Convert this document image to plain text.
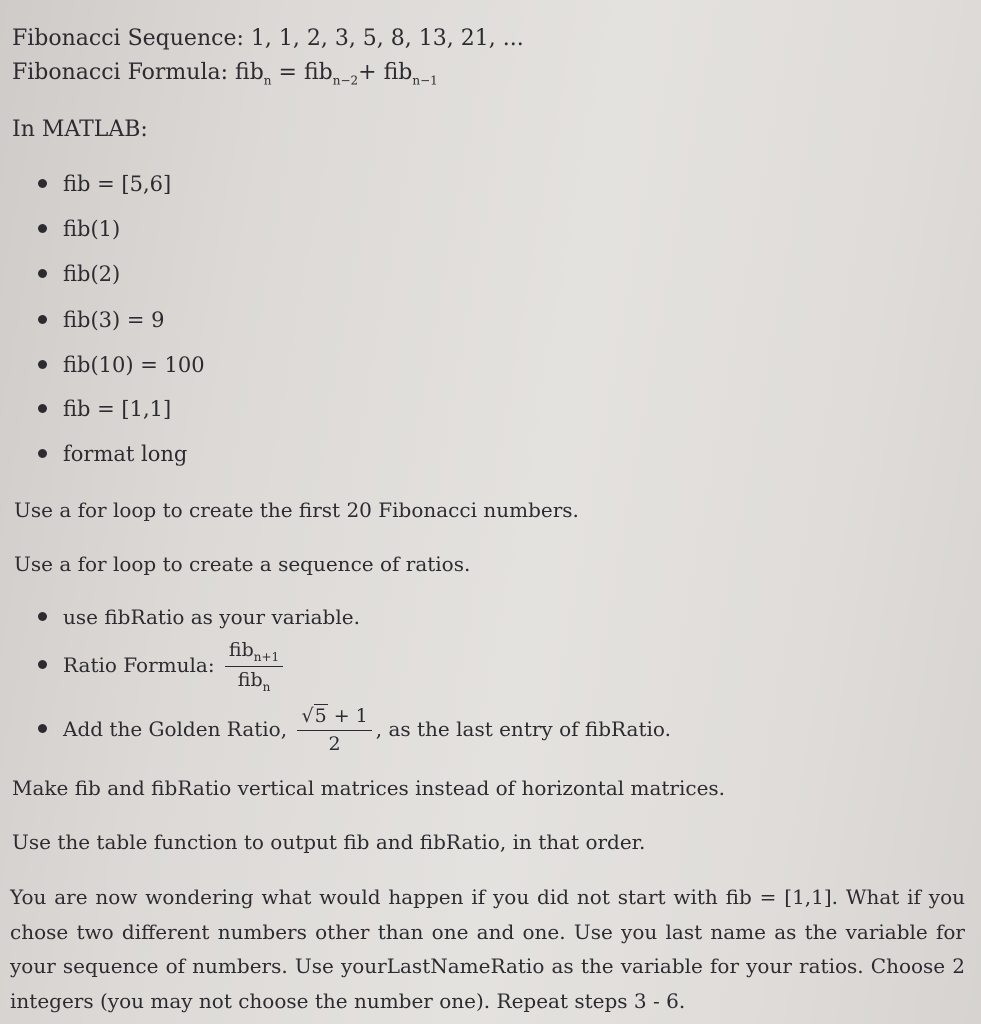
Fibonacci Sequence: 1, 1, 2, 3, 5, 8, 13, 21, ...
Fibonacci Formula: fib$_n$ = fib$_{n-2}$+ fib$_{n-1}$
In MATLAB:
fib = [5,6]
fib(1)
fib(2)
fib(3) = 9
fib(10) = 100
fib = [1,1]
format long
Use a for loop to create the first 20 Fibonacci numbers.
Use a for loop to create a sequence of ratios.
use fibRatio as your variable.
Ratio Formula: $\frac{fib_{n+1}}{fib_n}$
Add the Golden Ratio, $\frac{√5 + 1}{2}$ , as the last entry of fibRatio.
Make fib and fibRatio vertical matrices instead of horizontal matrices.
Use the table function to output fib and fibRatio, in that order.
You are now wondering what would happen if you did not start with fib = [1,1]. What if you chose two different numbers other than one and one. Use you last name as the variable for your sequence of numbers. Use yourLastNameRatio as the variable for your ratios. Choose 2 integers (you may not choose the number one). Repeat steps 3 - 6.
